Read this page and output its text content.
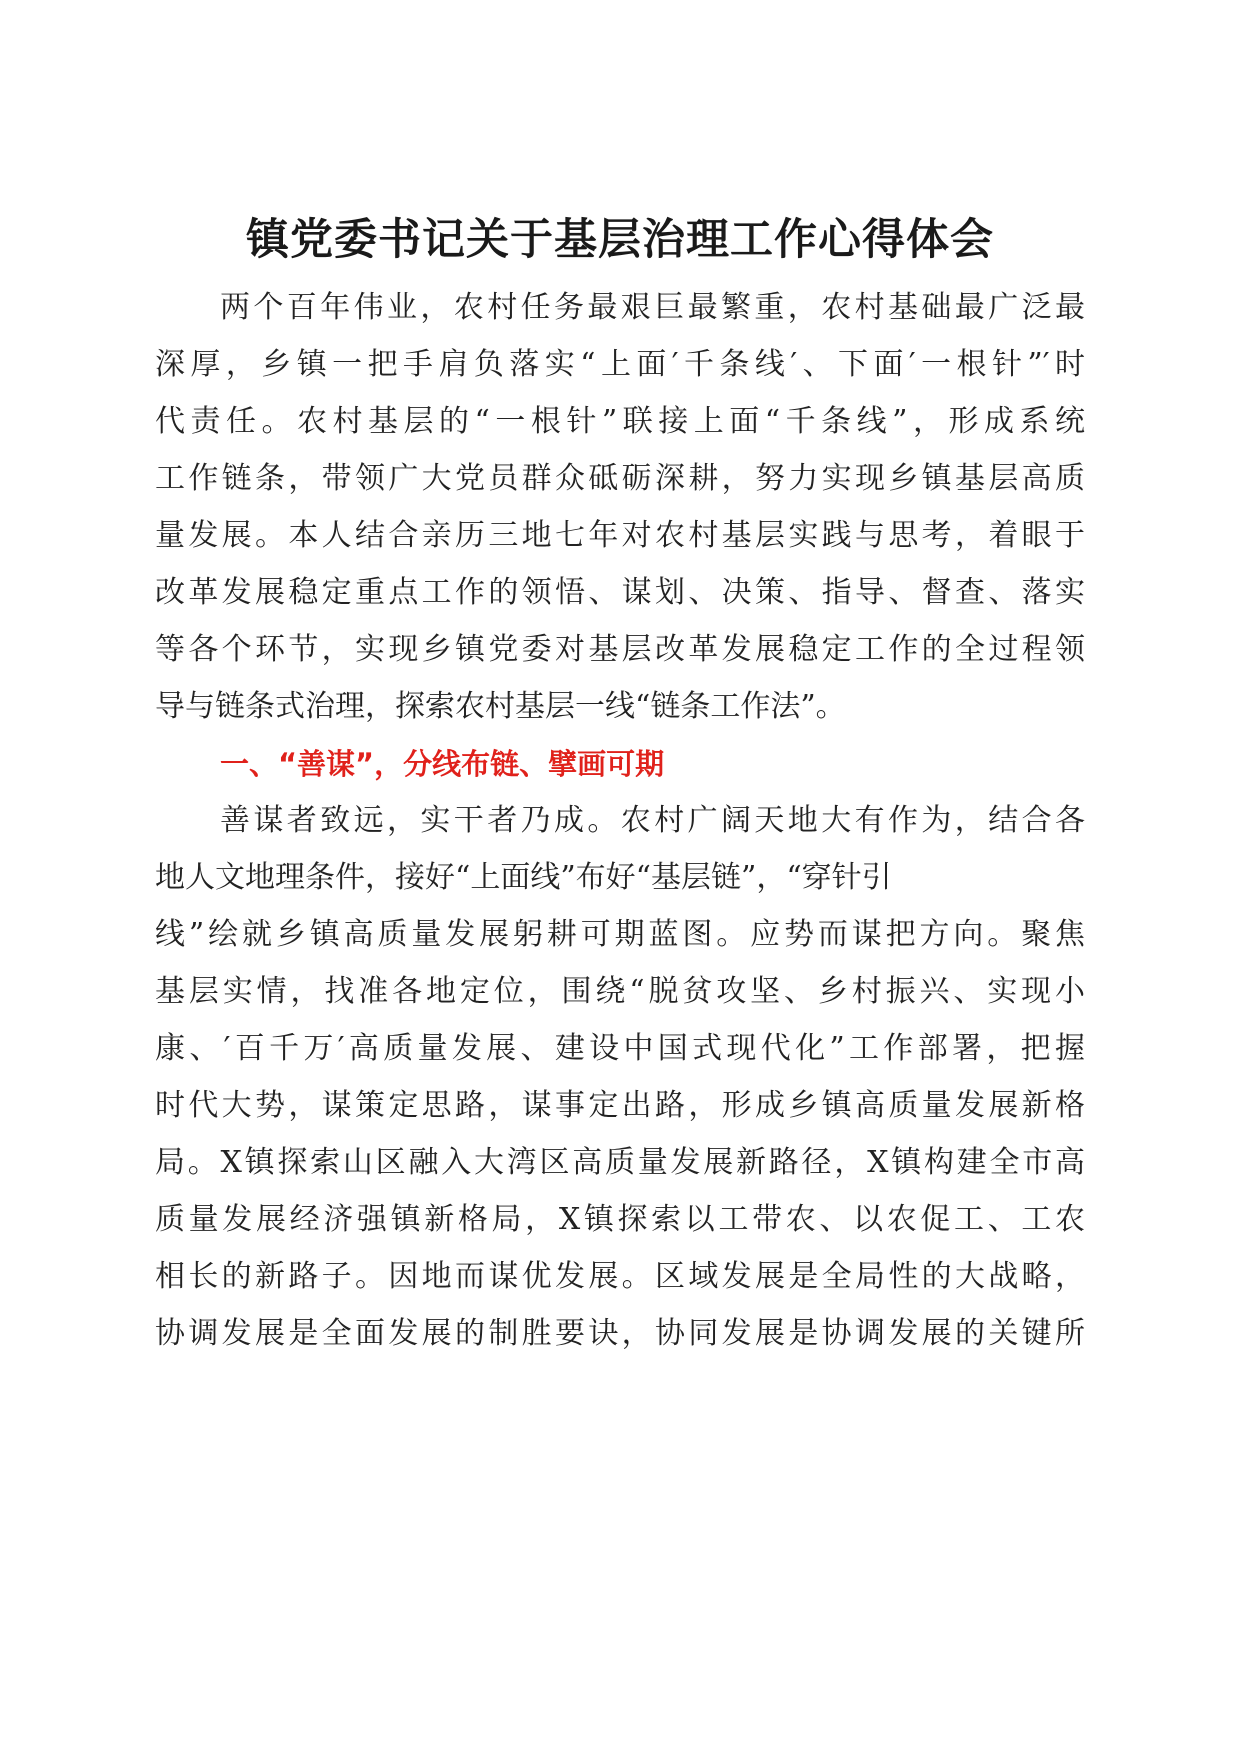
镇党委书记关于基层治理工作心得体会

两个百年伟业，农村任务最艰巨最繁重，农村基础最广泛最

深厚，乡镇一把手肩负落实“上面′千条线′、下面′一根针”′时

代责任。农村基层的“一根针”联接上面“千条线”，形成系统

工作链条，带领广大党员群众砥砺深耕，努力实现乡镇基层高质

量发展。本人结合亲历三地七年对农村基层实践与思考，着眼于

改革发展稳定重点工作的领悟、谋划、决策、指导、督查、落实

等各个环节，实现乡镇党委对基层改革发展稳定工作的全过程领

导与链条式治理，探索农村基层一线“链条工作法”。

一、“善谋”，分线布链、擘画可期

善谋者致远，实干者乃成。农村广阔天地大有作为，结合各

地人文地理条件，接好“上面线”布好“基层链”，“穿针引

线”绘就乡镇高质量发展躬耕可期蓝图。应势而谋把方向。聚焦

基层实情，找准各地定位，围绕“脱贫攻坚、乡村振兴、实现小

康、′百千万′高质量发展、建设中国式现代化”工作部署，把握

时代大势，谋策定思路，谋事定出路，形成乡镇高质量发展新格

局。X镇探索山区融入大湾区高质量发展新路径，X镇构建全市高

质量发展经济强镇新格局，X镇探索以工带农、以农促工、工农

相长的新路子。因地而谋优发展。区域发展是全局性的大战略，

协调发展是全面发展的制胜要诀，协同发展是协调发展的关键所
